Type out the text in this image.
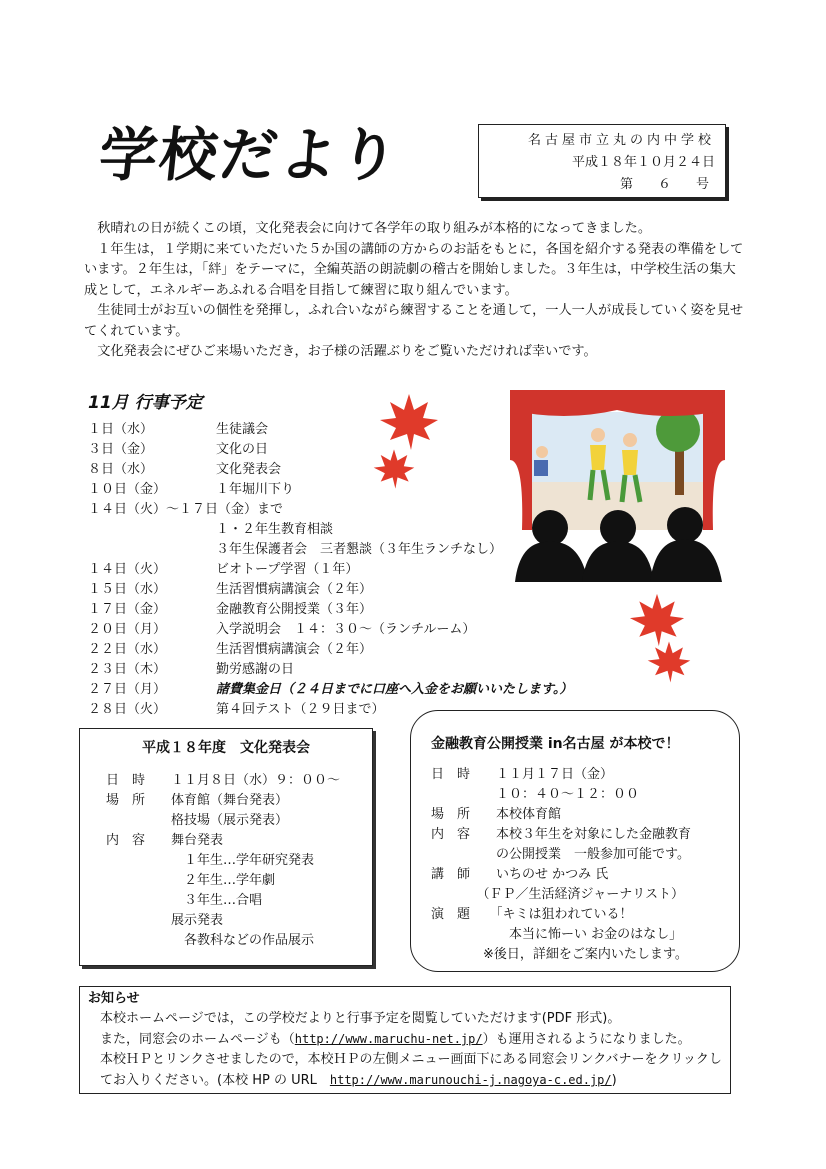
学校だより	名古屋市立丸の内中学校
平成１８年１０月２４日
第　６　号

秋晴れの日が続くこの頃，文化発表会に向けて各学年の取り組みが本格的になってきました。

１年生は，１学期に来ていただいた５か国の講師の方からのお話をもとに，各国を紹介する発表の準備をしています。２年生は，「絆」をテーマに，全編英語の朗読劇の稽古を開始しました。３年生は，中学校生活の集大成として，エネルギーあふれる合唱を目指して練習に取り組んでいます。

生徒同士がお互いの個性を発揮し，ふれ合いながら練習することを通して，一人一人が成長していく姿を見せてくれています。

文化発表会にぜひご来場いただき，お子様の活躍ぶりをご覧いただければ幸いです。

11月 行事予定
１日（水）	生徒議会
３日（金）	文化の日
８日（水）	文化発表会
１０日（金）	１年堀川下り
１４日（火）～１７日（金）まで
１・２年生教育相談
３年生保護者会　三者懇談（３年生ランチなし）
１４日（火）	ビオトープ学習（１年）
１５日（水）	生活習慣病講演会（２年）
１７日（金）	金融教育公開授業（３年）
２０日（月）	入学説明会　１４：３０～（ランチルーム）
２２日（水）	生活習慣病講演会（２年）
２３日（木）	勤労感謝の日
２７日（月）	諸費集金日（２４日までに口座へ入金をお願いいたします。）
２８日（火）	第４回テスト（２９日まで）
平成１８年度　文化発表会
日　時　　１１月８日（水）９：００～
場　所　　体育館（舞台発表）
　　　　　格技場（展示発表）
内　容　　舞台発表
　　　　　　１年生…学年研究発表
　　　　　　２年生…学年劇
　　　　　　３年生…合唱
　　　　　展示発表
　　　　　　各教科などの作品展示
金融教育公開授業 in名古屋 が本校で！
日　時　　１１月１７日（金）
　　　　　１０：４０～１２：００
場　所　　本校体育館
内　容　　本校３年生を対象にした金融教育
　　　　　の公開授業　一般参加可能です。
講　師　　いちのせ かつみ 氏
　　　　（ＦＰ／生活経済ジャーナリスト）
演　題　　「キミは狙われている！
　　　　　　本当に怖ーい お金のはなし」
　　　　※後日，詳細をご案内いたします。
お知らせ

本校ホームページでは，この学校だよりと行事予定を閲覧していただけます(PDF 形式)。

また，同窓会のホームページも（http://www.maruchu-net.jp/）も運用されるようになりました。

本校ＨＰとリンクさせましたので，本校ＨＰの左側メニュー画面下にある同窓会リンクバナーをクリックしてお入りください。(本校 HP の URL　http://www.marunouchi-j.nagoya-c.ed.jp/)
